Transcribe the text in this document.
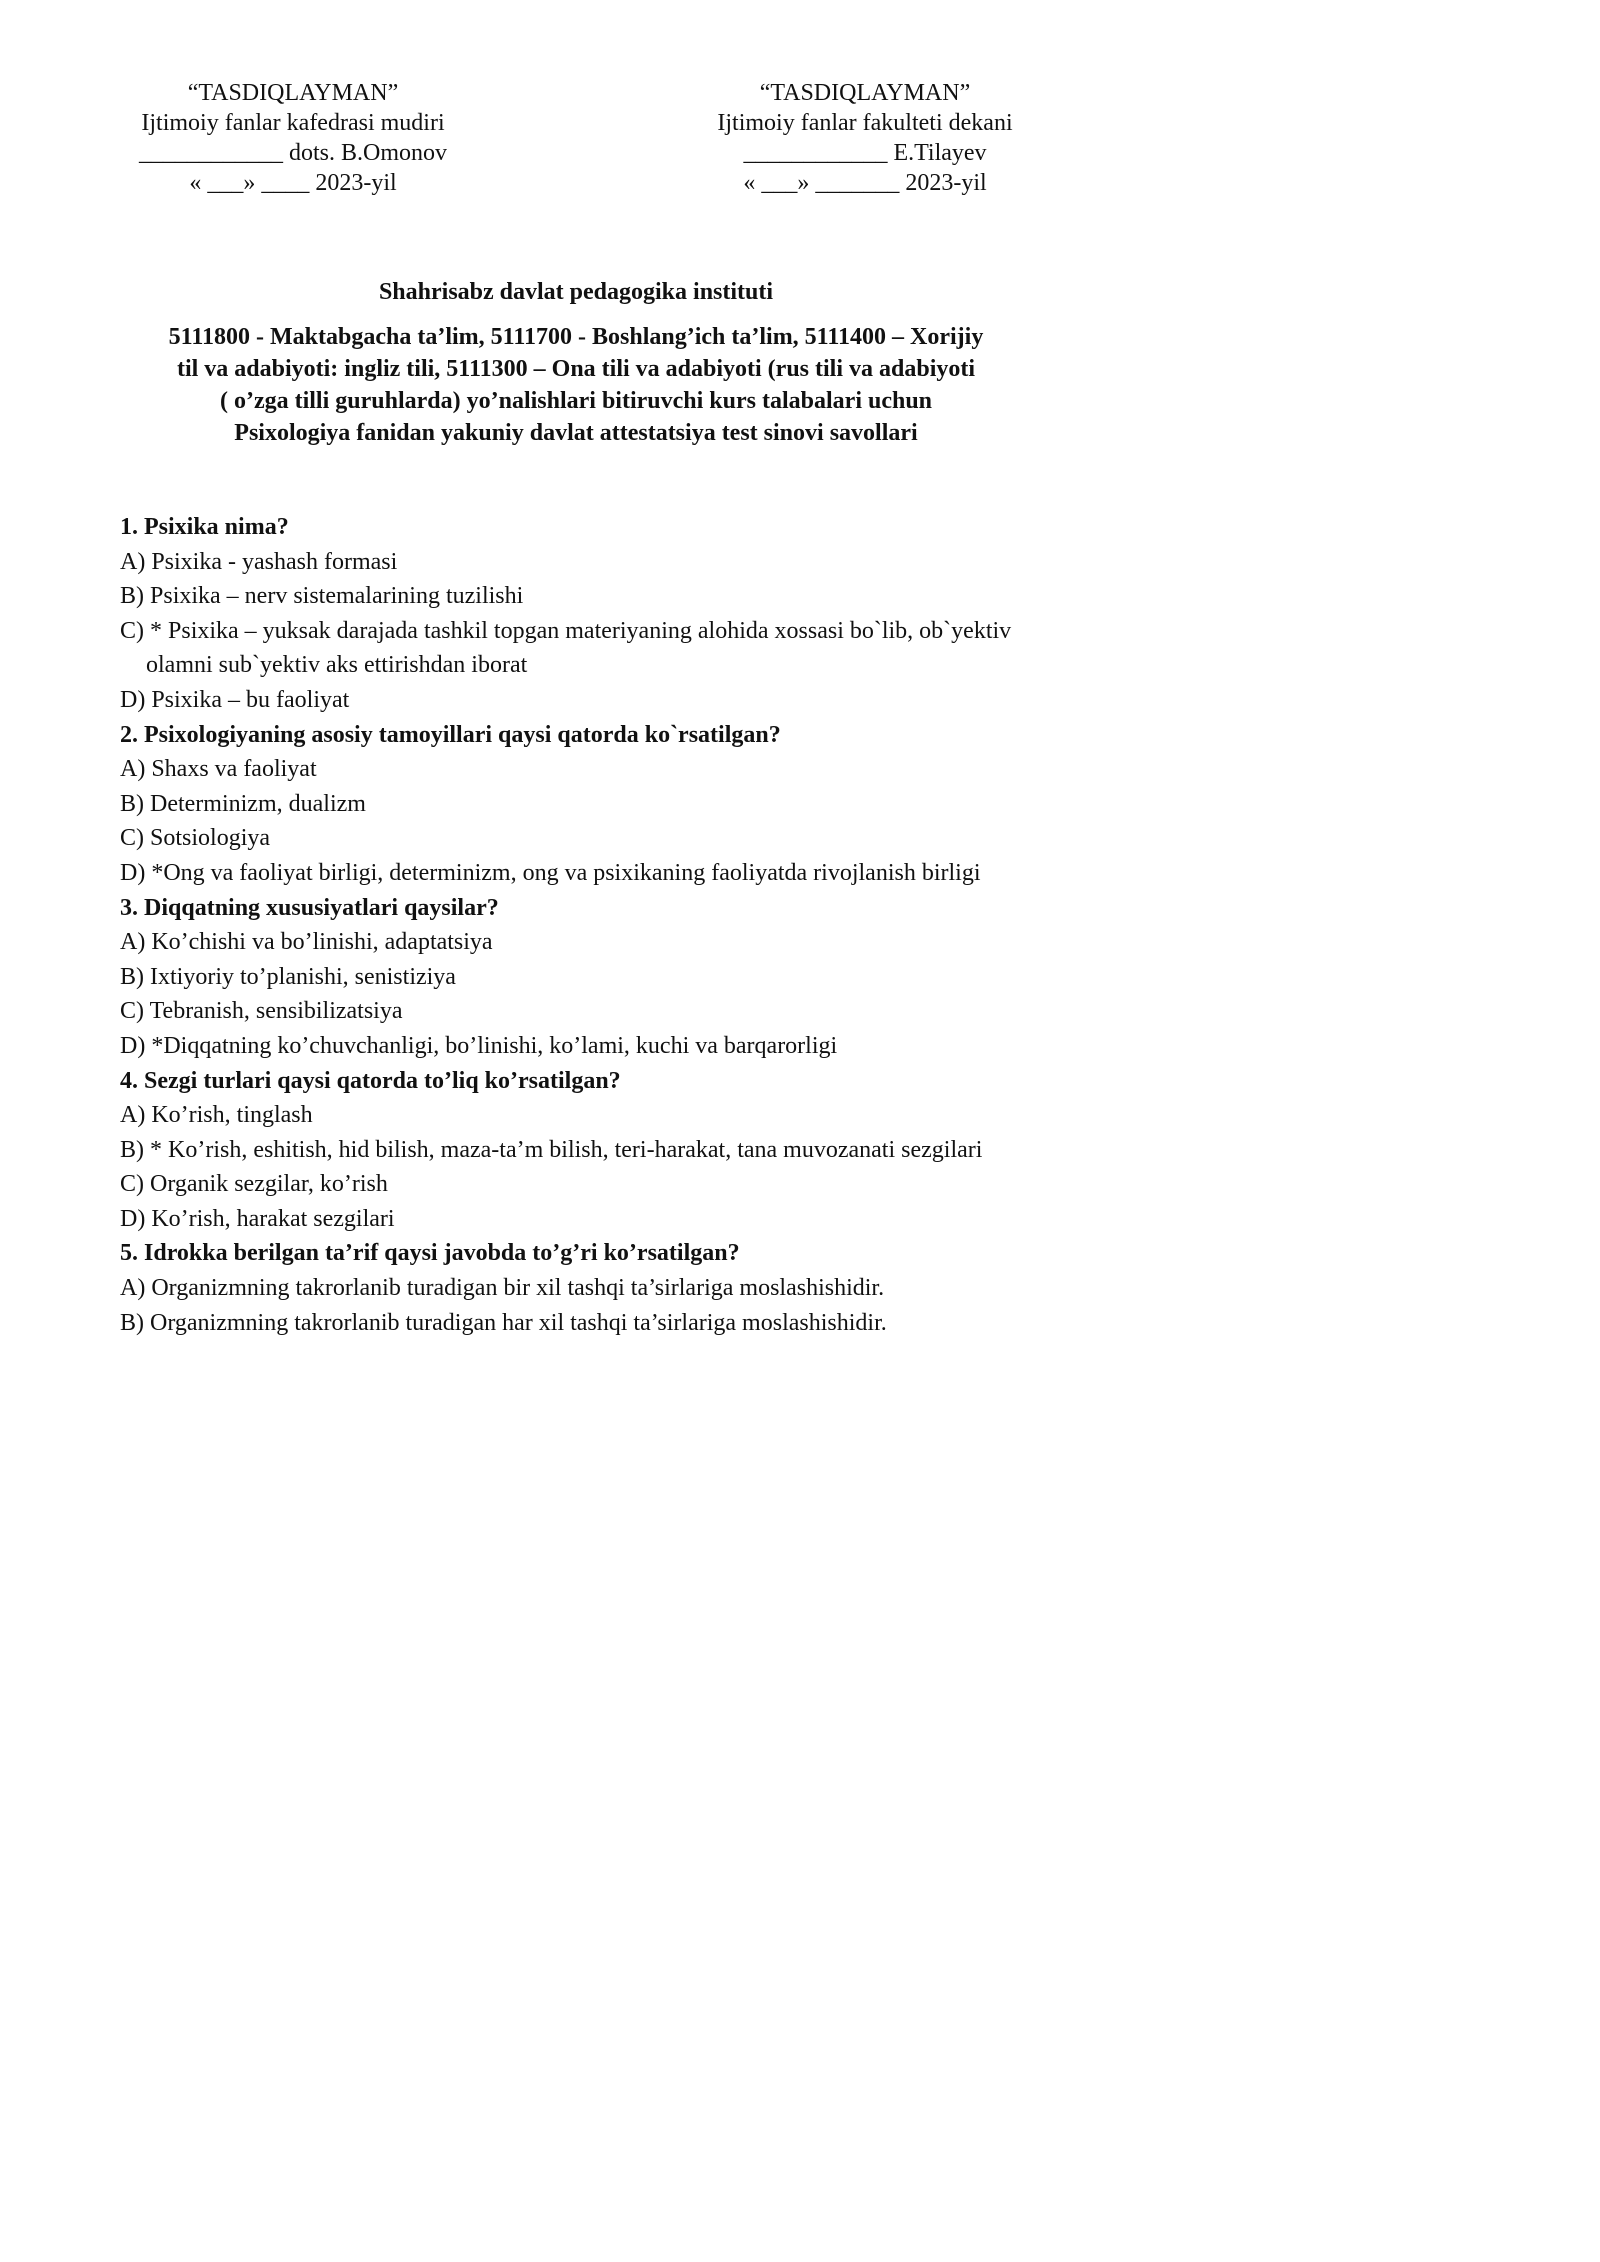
“TASDIQLAYMAN”
Ijtimoiy fanlar kafedrasi mudiri
____________ dots. B.Omonov
« ___» ____ 2023-yil
“TASDIQLAYMAN”
Ijtimoiy fanlar fakulteti dekani
____________ E.Tilayev
« ___» _______ 2023-yil
Shahrisabz davlat pedagogika instituti
5111800 - Maktabgacha ta’lim, 5111700 - Boshlang’ich ta’lim, 5111400 – Xorijiy
til va adabiyoti: ingliz tili, 5111300 – Ona tili va adabiyoti (rus tili va adabiyoti
( o’zga tilli guruhlarda) yo’nalishlari bitiruvchi kurs talabalari uchun
Psixologiya fanidan yakuniy davlat attestatsiya test sinovi savollari
1. Psixika nima?
A) Psixika - yashash formasi
B) Psixika – nerv sistemalarining tuzilishi
C) * Psixika – yuksak darajada tashkil topgan materiyaning alohida xossasi bo`lib, ob`yektiv olamni sub`yektiv aks ettirishdan iborat
D) Psixika – bu faoliyat
2. Psixologiyaning asosiy tamoyillari qaysi qatorda ko`rsatilgan?
A) Shaxs va faoliyat
B) Determinizm, dualizm
C) Sotsiologiya
D) *Ong va faoliyat birligi, determinizm, ong va psixikaning faoliyatda rivojlanish birligi
3. Diqqatning xususiyatlari qaysilar?
A) Ko’chishi va bo’linishi, adaptatsiya
B) Ixtiyoriy to’planishi, senistiziya
C) Tebranish, sensibilizatsiya
D) *Diqqatning ko’chuvchanligi, bo’linishi, ko’lami, kuchi va barqarorligi
4. Sezgi turlari qaysi qatorda to’liq ko’rsatilgan?
A) Ko’rish, tinglash
B) * Ko’rish, eshitish, hid bilish, maza-ta’m bilish, teri-harakat, tana muvozanati sezgilari
C) Organik sezgilar, ko’rish
D) Ko’rish, harakat sezgilari
5. Idrokka berilgan ta’rif qaysi javobda to’g’ri ko’rsatilgan?
A) Organizmning takrorlanib turadigan bir xil tashqi ta’sirlariga moslashishidir.
B) Organizmning takrorlanib turadigan har xil tashqi ta’sirlariga moslashishidir.
